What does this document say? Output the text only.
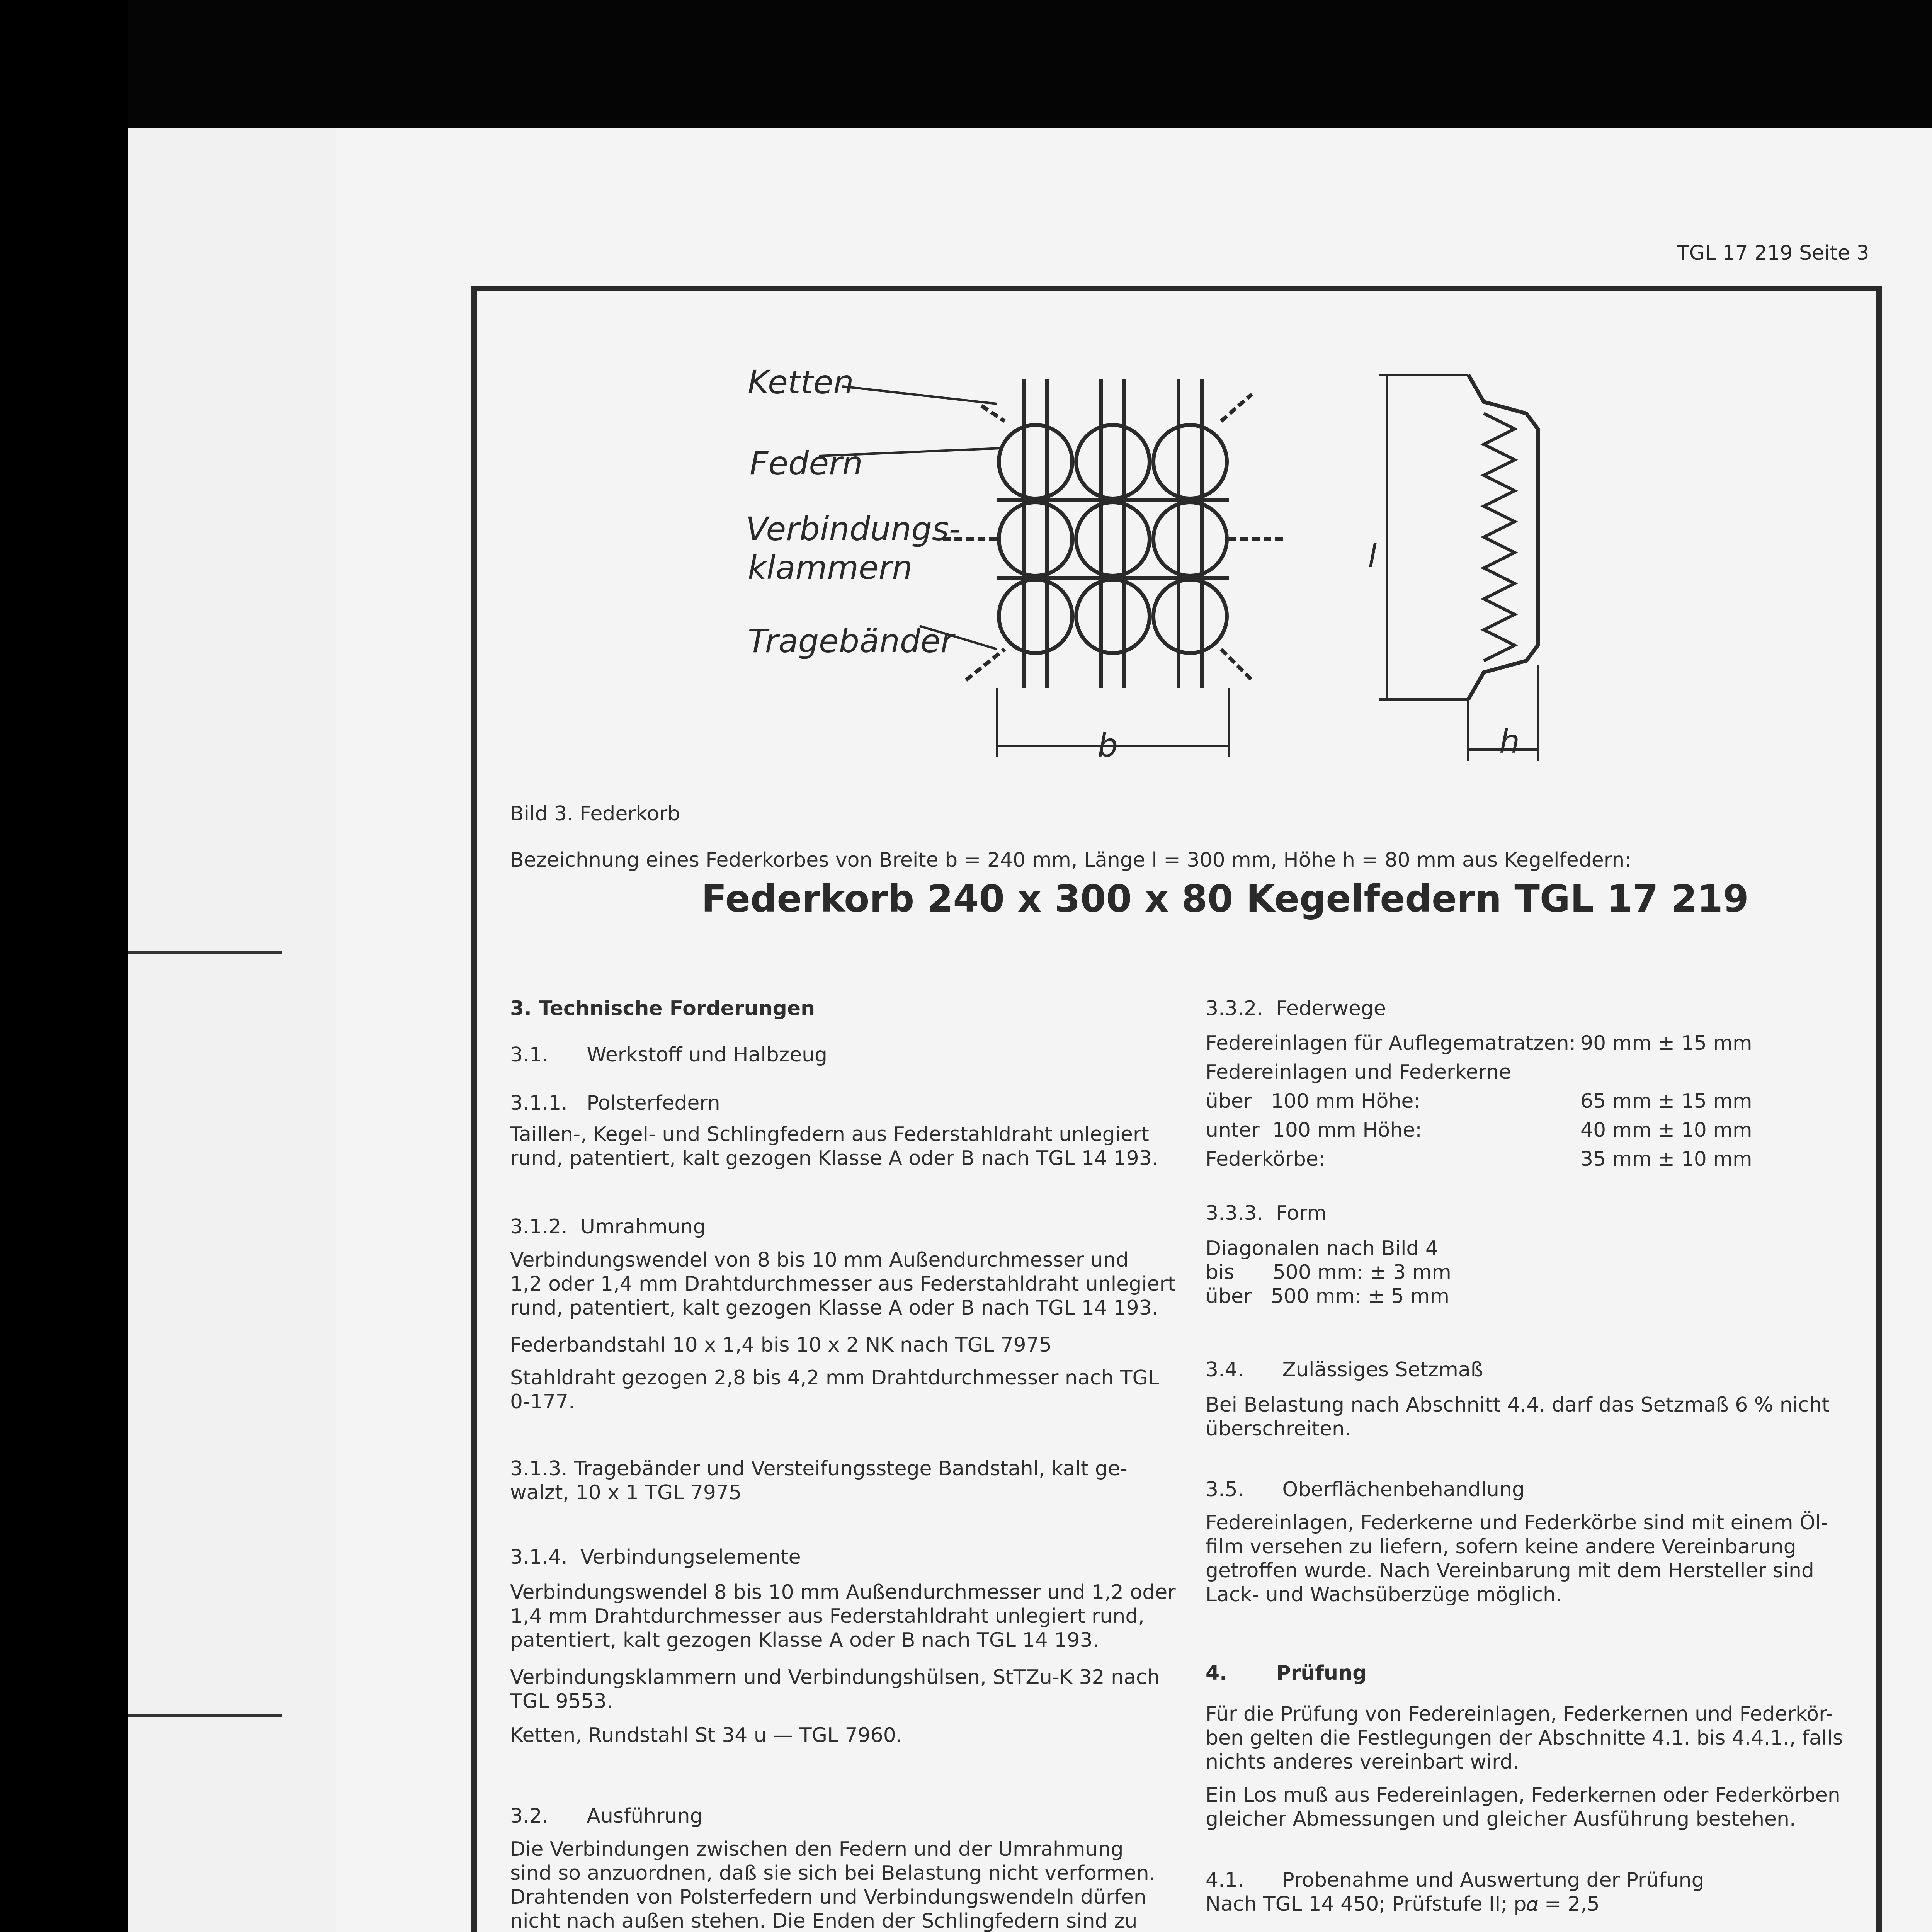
TGL 17 219 Seite 3
Ketten
Federn
Verbindungs-
klammern
Tragebänder
b
l
h
Bild 3. Federkorb
Bezeichnung eines Federkorbes von Breite b = 240 mm, Länge l = 300 mm, Höhe h = 80 mm aus Kegelfedern:
Federkorb 240 x 300 x 80 Kegelfedern TGL 17 219
3. Technische Forderungen
3.1.      Werkstoff und Halbzeug
3.1.1.   Polsterfedern
Taillen-, Kegel- und Schlingfedern aus Federstahldraht unlegiert
rund, patentiert, kalt gezogen Klasse A oder B nach TGL 14 193.
3.1.2.  Umrahmung
Verbindungswendel von 8 bis 10 mm Außendurchmesser und
1,2 oder 1,4 mm Drahtdurchmesser aus Federstahldraht unlegiert
rund, patentiert, kalt gezogen Klasse A oder B nach TGL 14 193.
Federbandstahl 10 x 1,4 bis 10 x 2 NK nach TGL 7975
Stahldraht gezogen 2,8 bis 4,2 mm Drahtdurchmesser nach TGL
0-177.
3.1.3. Tragebänder und Versteifungsstege Bandstahl, kalt ge-
walzt, 10 x 1 TGL 7975
3.1.4.  Verbindungselemente
Verbindungswendel 8 bis 10 mm Außendurchmesser und 1,2 oder
1,4 mm Drahtdurchmesser aus Federstahldraht unlegiert rund,
patentiert, kalt gezogen Klasse A oder B nach TGL 14 193.
Verbindungsklammern und Verbindungshülsen, StTZu-K 32 nach
TGL 9553.
Ketten, Rundstahl St 34 u — TGL 7960.
3.2.      Ausführung
Die Verbindungen zwischen den Federn und der Umrahmung
sind so anzuordnen, daß sie sich bei Belastung nicht verformen.
Drahtenden von Polsterfedern und Verbindungswendeln dürfen
nicht nach außen stehen. Die Enden der Schlingfedern sind zu

3.3.2.  Federwege
Federeinlagen für Auflegematratzen: 90 mm ± 15 mm
Federeinlagen und Federkerne
über   100 mm Höhe:	65 mm ± 15 mm
unter  100 mm Höhe:	40 mm ± 10 mm
Federkörbe:	35 mm ± 10 mm
3.3.3.  Form
Diagonalen nach Bild 4
bis      500 mm: ± 3 mm
über   500 mm: ± 5 mm
3.4.      Zulässiges Setzmaß
Bei Belastung nach Abschnitt 4.4. darf das Setzmaß 6 % nicht
überschreiten.
3.5.      Oberflächenbehandlung
Federeinlagen, Federkerne und Federkörbe sind mit einem Öl-
film versehen zu liefern, sofern keine andere Vereinbarung
getroffen wurde. Nach Vereinbarung mit dem Hersteller sind
Lack- und Wachsüberzüge möglich.
4.       Prüfung
Für die Prüfung von Federeinlagen, Federkernen und Federkör-
ben gelten die Festlegungen der Abschnitte 4.1. bis 4.4.1., falls
nichts anderes vereinbart wird.
Ein Los muß aus Federeinlagen, Federkernen oder Federkörben
gleicher Abmessungen und gleicher Ausführung bestehen.
4.1.      Probenahme und Auswertung der Prüfung
Nach TGL 14 450; Prüfstufe II; p𝛼 = 2,5
